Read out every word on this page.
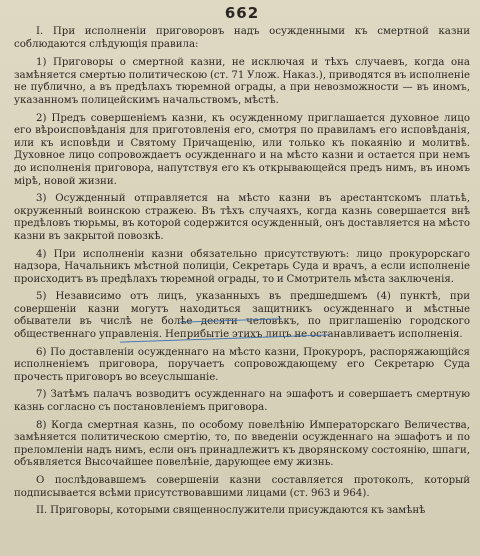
662

I. При исполненіи приговоровъ надъ осужденными къ смертной казни соблюдаются слѣдующія правила:

1) Приговоры о смертной казни, не исключая и тѣхъ случаевъ, когда она замѣняется смертью политическою (ст. 71 Улож. Наказ.), приводятся въ исполненіе не публично, а въ предѣлахъ тюремной ограды, а при невозможности — въ иномъ, указанномъ полицейскимъ начальствомъ, мѣстѣ.

2) Предъ совершеніемъ казни, къ осужденному приглашается духовное лицо его вѣроисповѣданія для приготовленія его, смотря по правиламъ его исповѣданія, или къ исповѣди и Святому Причащенію, или только къ покаянію и молитвѣ. Духовное лицо сопровождаетъ осужденнаго и на мѣсто казни и остается при немъ до исполненія приговора, напутствуя его къ открывающейся предъ нимъ, въ иномъ мірѣ, новой жизни.

3) Осужденный отправляется на мѣсто казни въ арестантскомъ платьѣ, окруженный воинскою стражею. Въ тѣхъ случаяхъ, когда казнь совершается внѣ предѣловъ тюрьмы, въ которой содержится осужденный, онъ доставляется на мѣсто казни въ закрытой повозкѣ.

4) При исполненіи казни обязательно присутствуютъ: лицо прокурорскаго надзора, Начальникъ мѣстной полиціи, Секретарь Суда и врачъ, а если исполненіе происходитъ въ предѣлахъ тюремной ограды, то и Смотритель мѣста заключенія.

5) Независимо отъ лицъ, указанныхъ въ предшедшемъ (4) пунктѣ, при совершеніи казни могутъ находиться защитникъ осужденнаго и мѣстные обыватели въ числѣ не болѣе десяти человѣкъ, по приглашенію городского общественнаго управленія. Неприбытіе этихъ лицъ не останавливаетъ исполненія.

6) По доставленіи осужденнаго на мѣсто казни, Прокуроръ, распоряжающійся исполненіемъ приговора, поручаетъ сопровождающему его Секретарю Суда прочесть приговоръ во всеуслышаніе.

7) Затѣмъ палачъ возводитъ осужденнаго на эшафотъ и совершаетъ смертную казнь согласно съ постановленіемъ приговора.

8) Когда смертная казнь, по особому повелѣнію Императорскаго Величества, замѣняется политическою смертію, то, по введеніи осужденнаго на эшафотъ и по преломленіи надъ нимъ, если онъ принадлежитъ къ дворянскому состоянію, шпаги, объявляется Высочайшее повелѣніе, дарующее ему жизнь.

О послѣдовавшемъ совершеніи казни составляется протоколъ, который подписывается всѣми присутствовавшими лицами (ст. 963 и 964).

II. Приговоры, которыми священнослужители присуждаются къ замѣнѣ
